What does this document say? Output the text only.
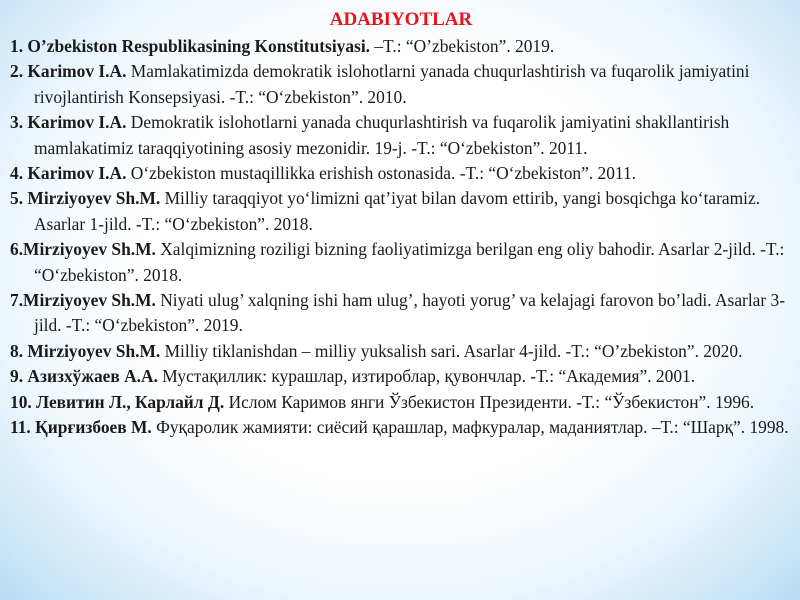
ADABIYOTLAR
1. O’zbekiston Respublikasining Konstitutsiyasi. –T.: “O’zbekiston”. 2019.
2. Karimov I.A. Mamlakatimizda demokratik islohotlarni yanada chuqurlashtirish va fuqarolik jamiyatini rivojlantirish Konsepsiyasi. -T.: “O‘zbekiston”. 2010.
3. Karimov I.A. Demokratik islohotlarni yanada chuqurlashtirish va fuqarolik jamiyatini shakllantirish mamlakatimiz taraqqiyotining asosiy mezonidir. 19-j. -T.: “O‘zbekiston”. 2011.
4. Karimov I.A. O‘zbekiston mustaqillikka erishish ostonasida. -T.: “O‘zbekiston”. 2011.
5. Mirziyoyev Sh.M. Milliy taraqqiyot yo‘limizni qat’iyat bilan davom ettirib, yangi bosqichga ko‘taramiz. Asarlar 1-jild. -T.: “O‘zbekiston”. 2018.
6.Mirziyoyev Sh.M. Xalqimizning roziligi bizning faoliyatimizga berilgan eng oliy bahodir. Asarlar 2-jild. -T.: “O‘zbekiston”. 2018.
7.Mirziyoyev Sh.M. Niyati ulug’ xalqning ishi ham ulug’, hayoti yorug’ va kelajagi farovon bo’ladi. Asarlar 3-jild. -T.: “O‘zbekiston”. 2019.
8. Mirziyoyev Sh.M. Milliy tiklanishdan – milliy yuksalish sari. Asarlar 4-jild. -T.: “O’zbekiston”. 2020.
9. Азизхўжаев А.А. Мустақиллик: курашлар, изтироблар, қувончлар. -Т.: “Академия”. 2001.
10. Левитин Л., Карлайл Д. Ислом Каримов янги Ўзбекистон Президенти. -Т.: “Ўзбекистон”. 1996.
11. Қирғизбоев М. Фуқаролик жамияти: сиёсий қарашлар, мафкуралар, маданиятлар. –Т.: “Шарқ”. 1998.
